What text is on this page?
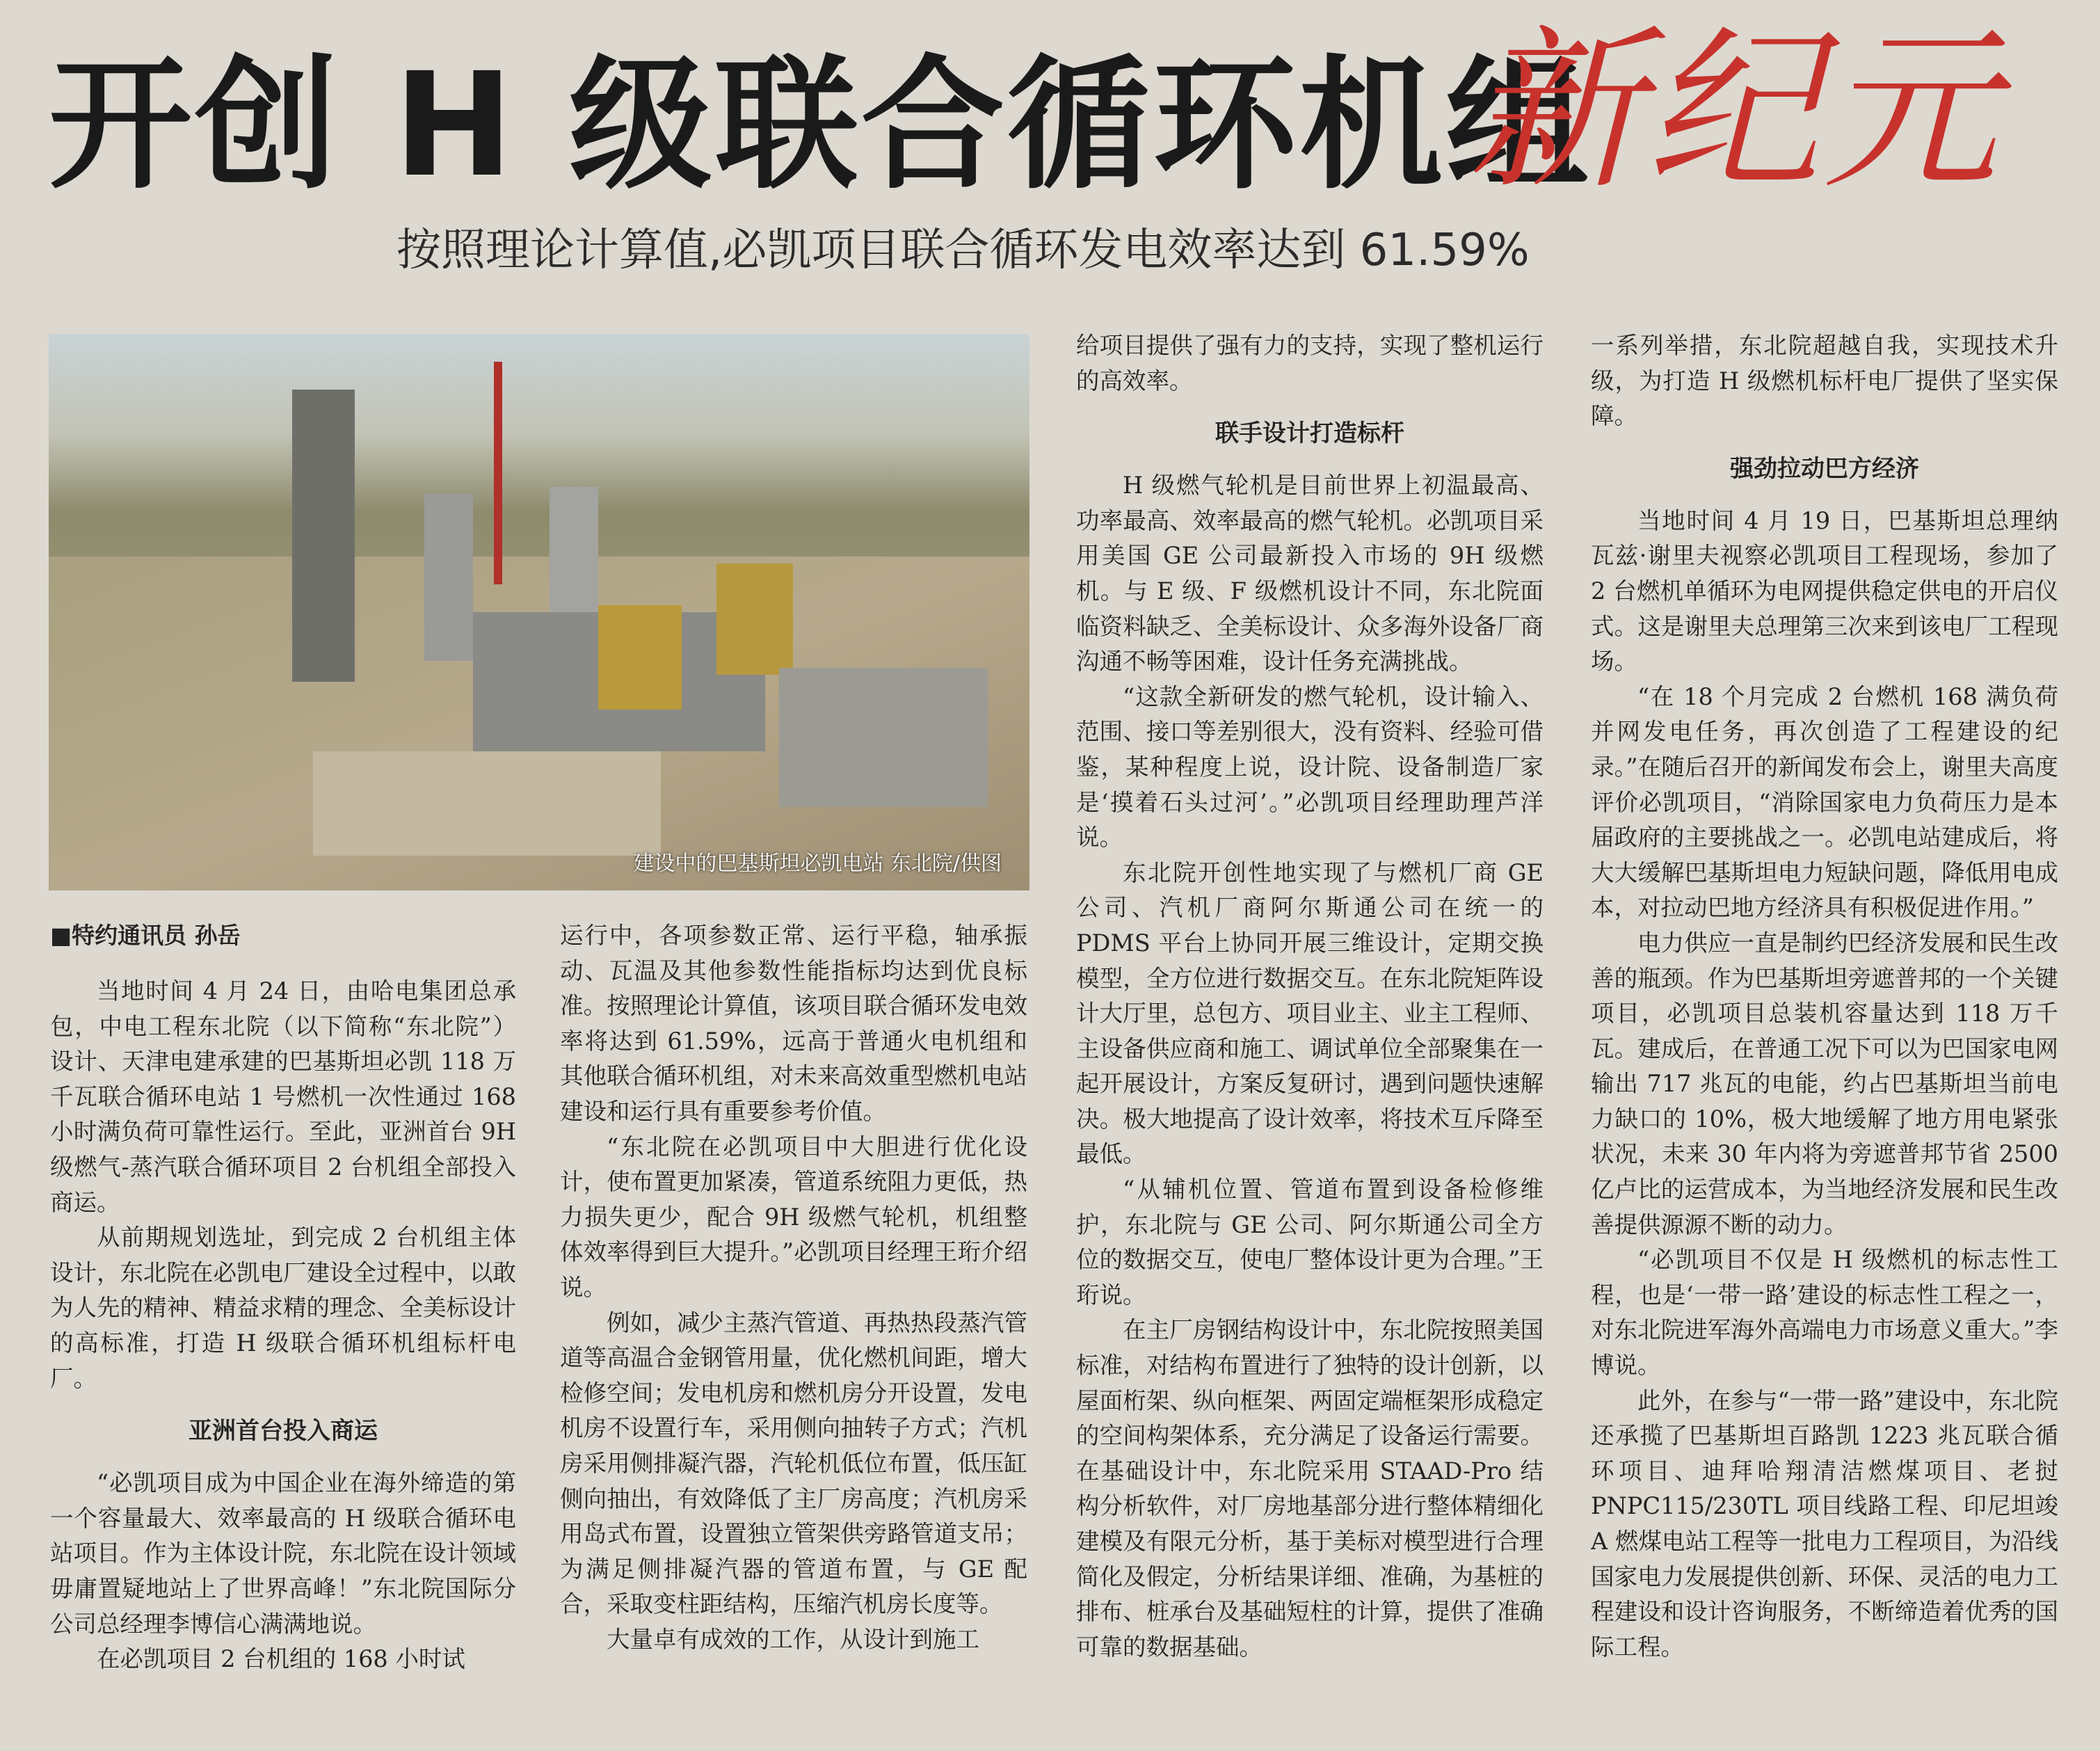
开创 H 级联合循环机组
新纪元
按照理论计算值,必凯项目联合循环发电效率达到 61.59%
建设中的巴基斯坦必凯电站 东北院/供图
■特约通讯员 孙岳

当地时间 4 月 24 日，由哈电集团总承包，中电工程东北院（以下简称“东北院”）设计、天津电建承建的巴基斯坦必凯 118 万千瓦联合循环电站 1 号燃机一次性通过 168 小时满负荷可靠性运行。至此，亚洲首台 9H 级燃气-蒸汽联合循环项目 2 台机组全部投入商运。

从前期规划选址，到完成 2 台机组主体设计，东北院在必凯电厂建设全过程中，以敢为人先的精神、精益求精的理念、全美标设计的高标准，打造 H 级联合循环机组标杆电厂。

亚洲首台投入商运

“必凯项目成为中国企业在海外缔造的第一个容量最大、效率最高的 H 级联合循环电站项目。作为主体设计院，东北院在设计领域毋庸置疑地站上了世界高峰！”东北院国际分公司总经理李博信心满满地说。

在必凯项目 2 台机组的 168 小时试

运行中，各项参数正常、运行平稳，轴承振动、瓦温及其他参数性能指标均达到优良标准。按照理论计算值，该项目联合循环发电效率将达到 61.59%，远高于普通火电机组和其他联合循环机组，对未来高效重型燃机电站建设和运行具有重要参考价值。

“东北院在必凯项目中大胆进行优化设计，使布置更加紧凑，管道系统阻力更低，热力损失更少，配合 9H 级燃气轮机，机组整体效率得到巨大提升。”必凯项目经理王珩介绍说。

例如，减少主蒸汽管道、再热热段蒸汽管道等高温合金钢管用量，优化燃机间距，增大检修空间；发电机房和燃机房分开设置，发电机房不设置行车，采用侧向抽转子方式；汽机房采用侧排凝汽器，汽轮机低位布置，低压缸侧向抽出，有效降低了主厂房高度；汽机房采用岛式布置，设置独立管架供旁路管道支吊；为满足侧排凝汽器的管道布置，与 GE 配合，采取变柱距结构，压缩汽机房长度等。

大量卓有成效的工作，从设计到施工

给项目提供了强有力的支持，实现了整机运行的高效率。

联手设计打造标杆

H 级燃气轮机是目前世界上初温最高、功率最高、效率最高的燃气轮机。必凯项目采用美国 GE 公司最新投入市场的 9H 级燃机。与 E 级、F 级燃机设计不同，东北院面临资料缺乏、全美标设计、众多海外设备厂商沟通不畅等困难，设计任务充满挑战。

“这款全新研发的燃气轮机，设计输入、范围、接口等差别很大，没有资料、经验可借鉴，某种程度上说，设计院、设备制造厂家是‘摸着石头过河’。”必凯项目经理助理芦洋说。

东北院开创性地实现了与燃机厂商 GE 公司、汽机厂商阿尔斯通公司在统一的 PDMS 平台上协同开展三维设计，定期交换模型，全方位进行数据交互。在东北院矩阵设计大厅里，总包方、项目业主、业主工程师、主设备供应商和施工、调试单位全部聚集在一起开展设计，方案反复研讨，遇到问题快速解决。极大地提高了设计效率，将技术互斥降至最低。

“从辅机位置、管道布置到设备检修维护，东北院与 GE 公司、阿尔斯通公司全方位的数据交互，使电厂整体设计更为合理。”王珩说。

在主厂房钢结构设计中，东北院按照美国标准，对结构布置进行了独特的设计创新，以屋面桁架、纵向框架、两固定端框架形成稳定的空间构架体系，充分满足了设备运行需要。在基础设计中，东北院采用 STAAD-Pro 结构分析软件，对厂房地基部分进行整体精细化建模及有限元分析，基于美标对模型进行合理简化及假定，分析结果详细、准确，为基桩的排布、桩承台及基础短柱的计算，提供了准确可靠的数据基础。

一系列举措，东北院超越自我，实现技术升级，为打造 H 级燃机标杆电厂提供了坚实保障。

强劲拉动巴方经济

当地时间 4 月 19 日，巴基斯坦总理纳瓦兹·谢里夫视察必凯项目工程现场，参加了 2 台燃机单循环为电网提供稳定供电的开启仪式。这是谢里夫总理第三次来到该电厂工程现场。

“在 18 个月完成 2 台燃机 168 满负荷并网发电任务，再次创造了工程建设的纪录。”在随后召开的新闻发布会上，谢里夫高度评价必凯项目，“消除国家电力负荷压力是本届政府的主要挑战之一。必凯电站建成后，将大大缓解巴基斯坦电力短缺问题，降低用电成本，对拉动巴地方经济具有积极促进作用。”

电力供应一直是制约巴经济发展和民生改善的瓶颈。作为巴基斯坦旁遮普邦的一个关键项目，必凯项目总装机容量达到 118 万千瓦。建成后，在普通工况下可以为巴国家电网输出 717 兆瓦的电能，约占巴基斯坦当前电力缺口的 10%，极大地缓解了地方用电紧张状况，未来 30 年内将为旁遮普邦节省 2500 亿卢比的运营成本，为当地经济发展和民生改善提供源源不断的动力。

“必凯项目不仅是 H 级燃机的标志性工程，也是‘一带一路’建设的标志性工程之一，对东北院进军海外高端电力市场意义重大。”李博说。

此外，在参与“一带一路”建设中，东北院还承揽了巴基斯坦百路凯 1223 兆瓦联合循环项目、迪拜哈翔清洁燃煤项目、老挝 PNPC115/230TL 项目线路工程、印尼坦竣 A 燃煤电站工程等一批电力工程项目，为沿线国家电力发展提供创新、环保、灵活的电力工程建设和设计咨询服务，不断缔造着优秀的国际工程。
